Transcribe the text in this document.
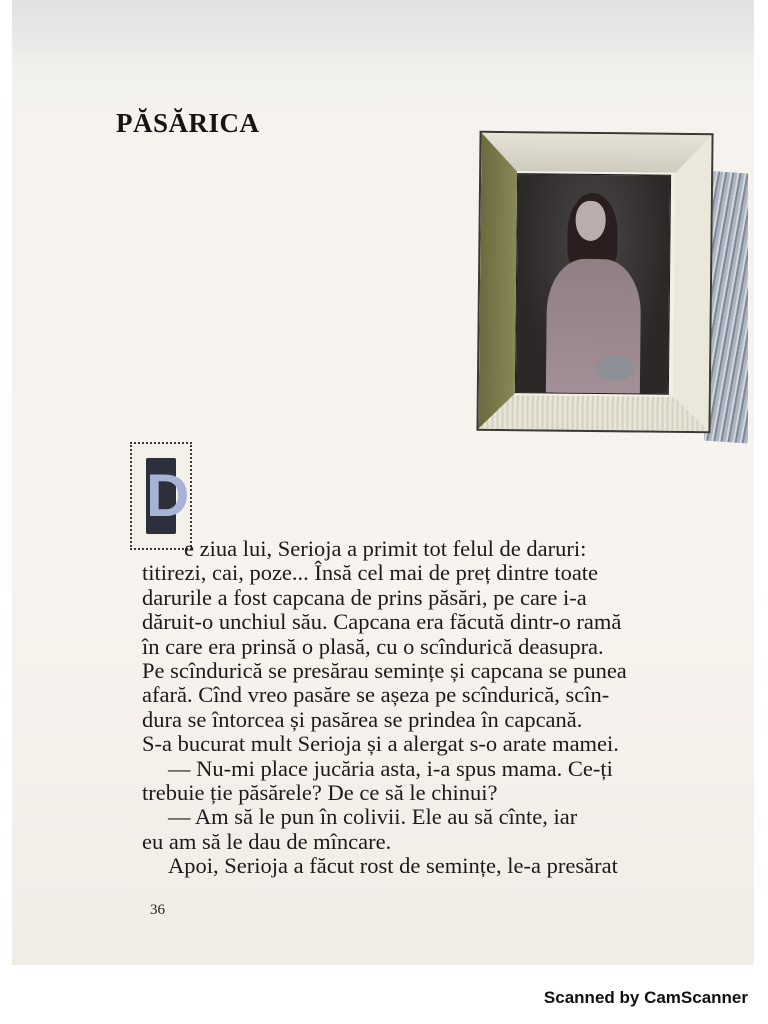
PĂSĂRICA
D
e ziua lui, Serioja a primit tot felul de daruri:
titirezi, cai, poze... Însă cel mai de preț dintre toate
darurile a fost capcana de prins păsări, pe care i-a
dăruit-o unchiul său. Capcana era făcută dintr-o ramă
în care era prinsă o plasă, cu o scîndurică deasupra.
Pe scîndurică se presărau semințe și capcana se punea
afară. Cînd vreo pasăre se așeza pe scîndurică, scîn-
dura se întorcea și pasărea se prindea în capcană.
S-a bucurat mult Serioja și a alergat s-o arate mamei.
— Nu-mi place jucăria asta, i-a spus mama. Ce-ți
trebuie ție păsărele? De ce să le chinui?
— Am să le pun în colivii. Ele au să cînte, iar
eu am să le dau de mîncare.
Apoi, Serioja a făcut rost de semințe, le-a presărat
36
Scanned by CamScanner
